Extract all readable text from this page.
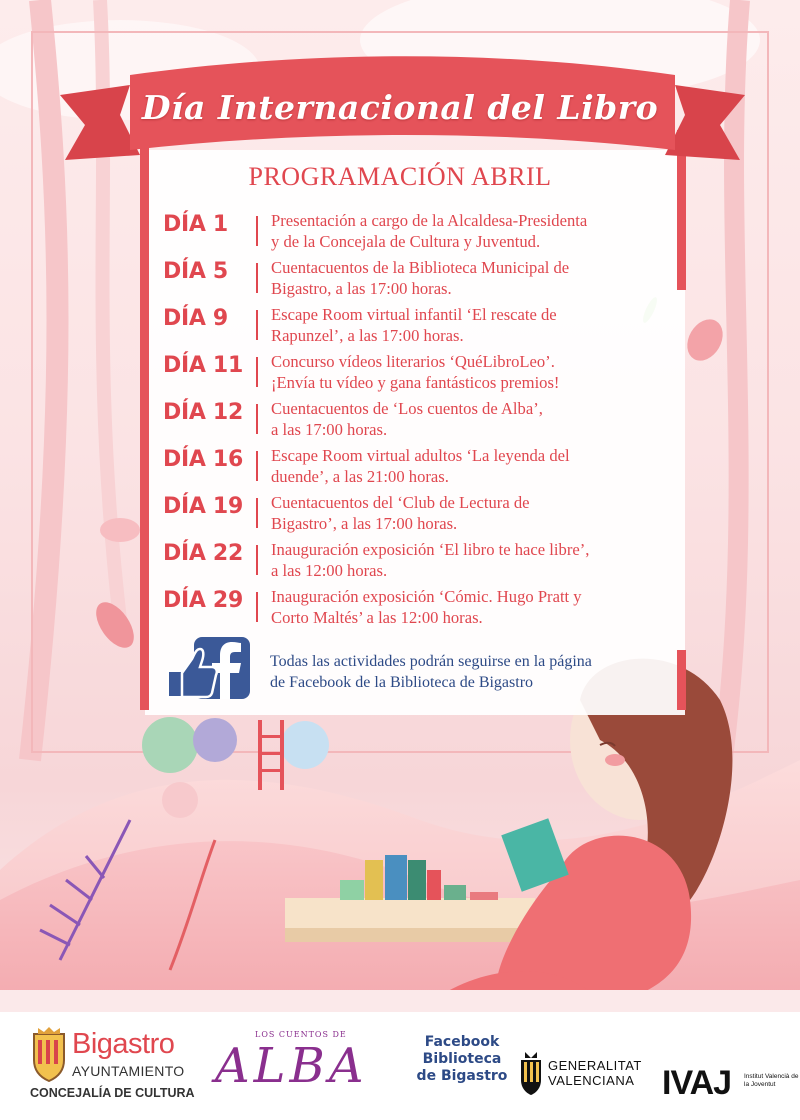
Día Internacional del Libro
PROGRAMACIÓN ABRIL
DÍA 1	Presentación a cargo de la Alcaldesa-Presidenta
y de la Concejala de Cultura y Juventud.
DÍA 5	Cuentacuentos de la Biblioteca Municipal de
Bigastro, a las 17:00 horas.
DÍA 9	Escape Room virtual infantil ‘El rescate de
Rapunzel’, a las 17:00 horas.
DÍA 11	Concurso vídeos literarios ‘QuéLibroLeo’.
¡Envía tu vídeo y gana fantásticos premios!
DÍA 12	Cuentacuentos de ‘Los cuentos de Alba’,
a las 17:00 horas.
DÍA 16	Escape Room virtual adultos ‘La leyenda del
duende’, a las 21:00 horas.
DÍA 19	Cuentacuentos del ‘Club de Lectura de
Bigastro’, a las 17:00 horas.
DÍA 22	Inauguración exposición ‘El libro te hace libre’,
a las 12:00 horas.
DÍA 29	Inauguración exposición ‘Cómic. Hugo Pratt y
Corto Maltés’ a las 12:00 horas.
Todas las actividades podrán seguirse en la página
de Facebook de la Biblioteca de Bigastro
Bigastro
AYUNTAMIENTO
CONCEJALÍA DE CULTURA
LOS CUENTOS DE
ALBA	Facebook
Biblioteca
de Bigastro
GENERALITAT
VALENCIANA IVAJ Institut Valencià de la Joventut
